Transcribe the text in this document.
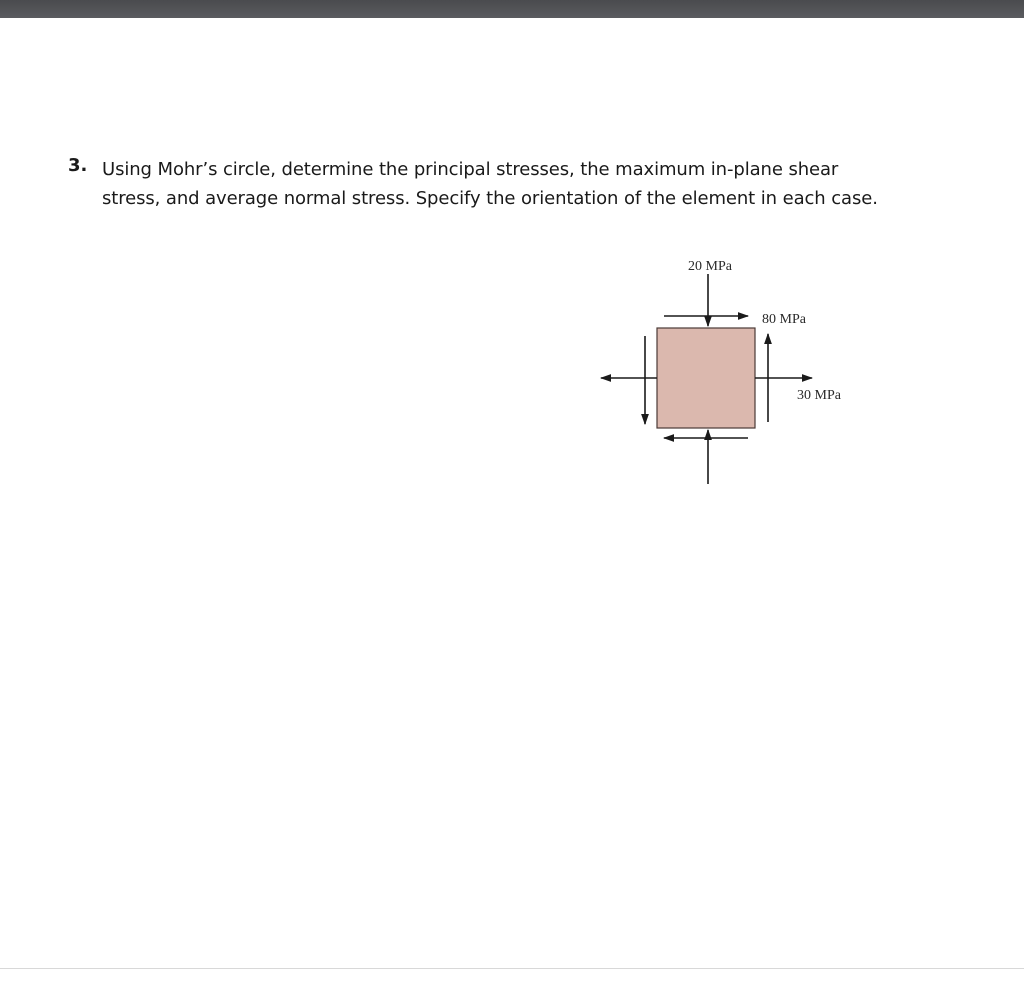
3. Using Mohr’s circle, determine the principal stresses, the maximum in-plane shear
stress, and average normal stress. Specify the orientation of the element in each case.
20 MPa
80 MPa
30 MPa
